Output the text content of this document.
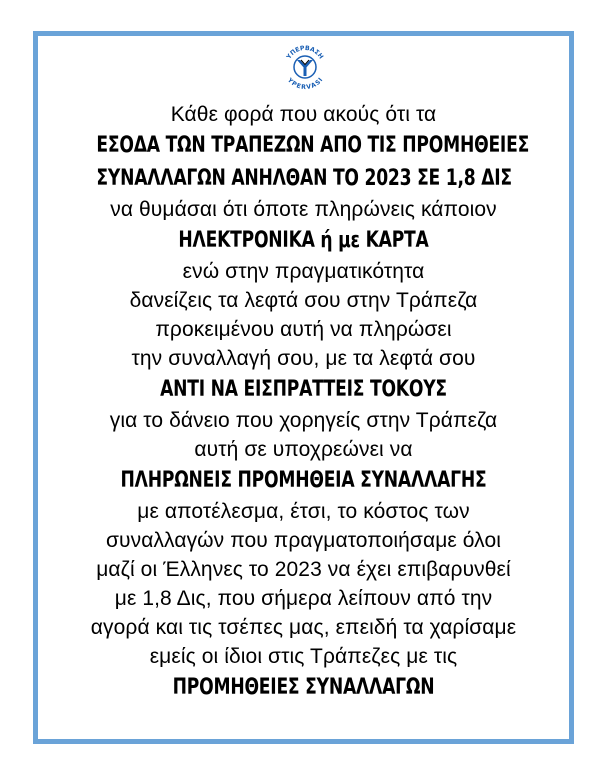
ΥΠΕΡΒΑΣΗ
YPERVASI
Κάθε φορά που ακούς ότι τα
ΕΣΟΔΑ ΤΩΝ ΤΡΑΠΕΖΩΝ ΑΠΟ ΤΙΣ ΠΡΟΜΗΘΕΙΕΣ
ΣΥΝΑΛΛΑΓΩΝ ΑΝΗΛΘΑΝ ΤΟ 2023 ΣΕ 1,8 ΔΙΣ
να θυμάσαι ότι όποτε πληρώνεις κάποιον
ΗΛΕΚΤΡΟΝΙΚΑ ή με ΚΑΡΤΑ
ενώ στην πραγματικότητα
δανείζεις τα λεφτά σου στην Τράπεζα
προκειμένου αυτή να πληρώσει
την συναλλαγή σου, με τα λεφτά σου
ΑΝΤΙ ΝΑ ΕΙΣΠΡΑΤΤΕΙΣ ΤΟΚΟΥΣ
για το δάνειο που χορηγείς στην Τράπεζα
αυτή σε υποχρεώνει να
ΠΛΗΡΩΝΕΙΣ ΠΡΟΜΗΘΕΙΑ ΣΥΝΑΛΛΑΓΗΣ
με αποτέλεσμα, έτσι, το κόστος των
συναλλαγών που πραγματοποιήσαμε όλοι
μαζί οι Έλληνες το 2023 να έχει επιβαρυνθεί
με 1,8 Δις, που σήμερα λείπουν από την
αγορά και τις τσέπες μας, επειδή τα χαρίσαμε
εμείς οι ίδιοι στις Τράπεζες με τις
ΠΡΟΜΗΘΕΙΕΣ ΣΥΝΑΛΛΑΓΩΝ
